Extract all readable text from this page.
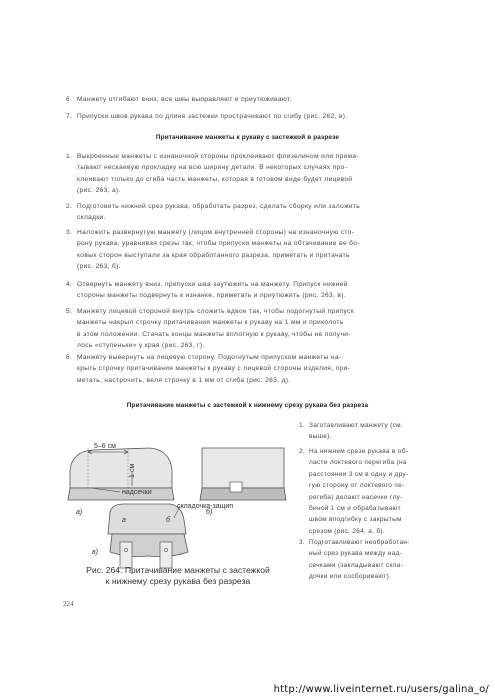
6. Манжету отгибают вниз, все швы выправляют и приутюживают.
7. Припуски швов рукава по длине застежки прострачивают по сгибу (рис. 262, в).
Притачивание манжеты к рукаву с застежкой в разрезе
1. Выкроенные манжеты с изнаночной стороны проклеивают флизелином или прима-
тывают нескаевую прокладку на всю ширину детали. В некоторых случаях про-
клеивают только до сгиба часть манжеты, которая в готовом виде будет лицевой
(рис. 263, а).
2. Подготовить нижний срез рукава, обработать разрез, сделать сборку или заложить
складки.
3. Наложить развернутую манжету (лицом внутренней стороны) на изнаночную сто-
рону рукава, уравнивая срезы так, чтобы припуски манжеты на обтачивание ее бо-
ковых сторон выступали за края обработанного разреза, приметать и притачать
(рис. 263, б).
4. Отвернуть манжету вниз, припуски шва заутюжить на манжету. Припуск нижней
стороны манжеты подвернуть к изнанке, приметать и приутюжить (рис. 263, в).
5. Манжету лицевой стороной внутрь сложить вдвое так, чтобы подогнутый припуск
манжеты накрыл строчку притачивания манжеты к рукаву на 1 мм и приколоть
в этом положении. Стачать концы манжеты вплотную к рукаву, чтобы не получи-
лось «ступеньки» у края (рис. 263, г).
6. Манжету вывернуть на лицевую сторону. Подогнутым припуском манжеты на-
крыть строчку притачивания манжеты к рукаву с лицевой стороны изделия, при-
метать, настрочить, веля строчку в 1 мм от сгиба (рис. 263, д).
Притачивание манжеты с застежкой к нижнему срезу рукава без разреза
1. Заготавливают манжету (см.
выше).
2. На нижнем срезе рукава в об-
ласти локтевого перегиба (на
расстоянии 3 см в одну и дру-
гую сторону от локтевого пе-
региба) делают насечки глу-
биной 1 см и обрабатывают
швом вподгибку с закрытым
срезом (рис. 264, а, б).
3. Подготавливают необработан-
ный срез рукава между над-
сечками (закладывают скла-
дочки или сосборивают).
5–6 см
1 см
надсечки
а)	б)
складочка-защип
а	б
в)
Рис. 264. Притачивание манжеты с застежкой
к нижнему срезу рукава без разреза
224
http://www.liveinternet.ru/users/galina_o/
